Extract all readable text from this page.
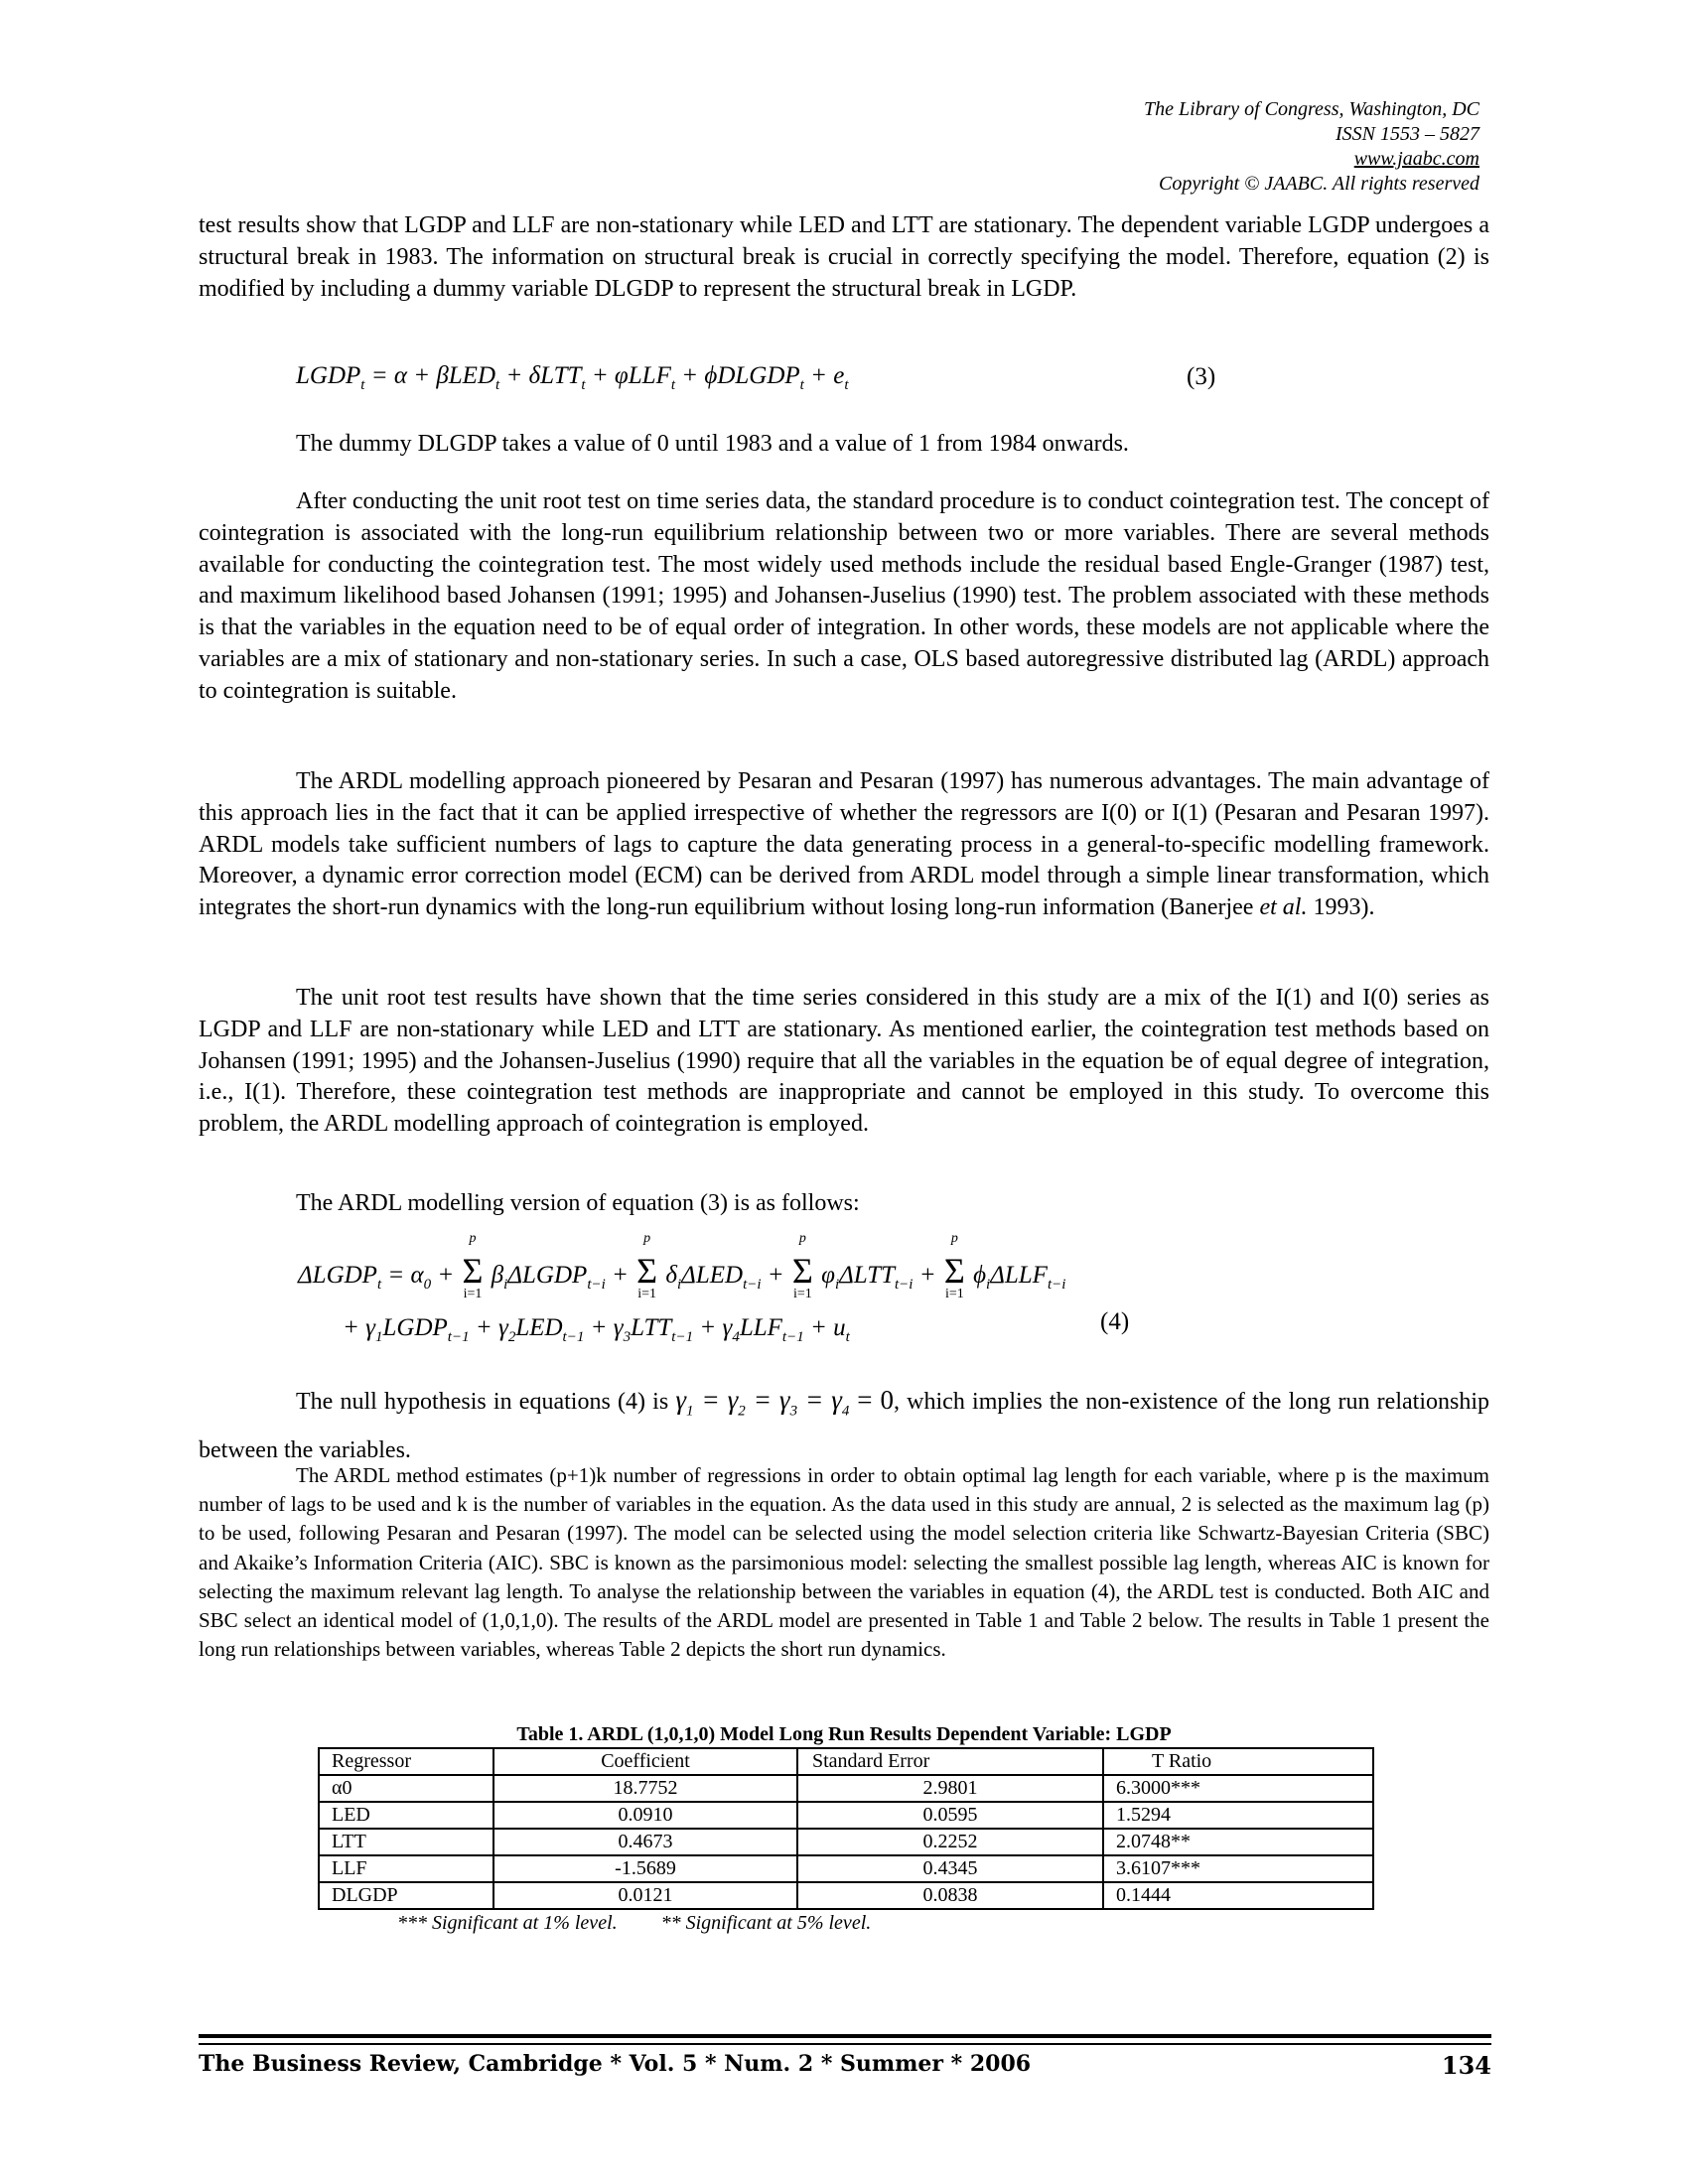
The Library of Congress, Washington, DC
ISSN 1553 – 5827
www.jaabc.com
Copyright © JAABC. All rights reserved
test results show that LGDP and LLF are non-stationary while LED and LTT are stationary. The dependent variable LGDP undergoes a structural break in 1983. The information on structural break is crucial in correctly specifying the model. Therefore, equation (2) is modified by including a dummy variable DLGDP to represent the structural break in LGDP.
$LGDP_t = \alpha + \beta LED_t + \delta LTT_t + \varphi LLF_t$ + ϕDLGDP$_t$ + $e_t$	(3)
The dummy DLGDP takes a value of 0 until 1983 and a value of 1 from 1984 onwards.
After conducting the unit root test on time series data, the standard procedure is to conduct cointegration test. The concept of cointegration is associated with the long-run equilibrium relationship between two or more variables. There are several methods available for conducting the cointegration test. The most widely used methods include the residual based Engle-Granger (1987) test, and maximum likelihood based Johansen (1991; 1995) and Johansen-Juselius (1990) test. The problem associated with these methods is that the variables in the equation need to be of equal order of integration. In other words, these models are not applicable where the variables are a mix of stationary and non-stationary series. In such a case, OLS based autoregressive distributed lag (ARDL) approach to cointegration is suitable.
The ARDL modelling approach pioneered by Pesaran and Pesaran (1997) has numerous advantages. The main advantage of this approach lies in the fact that it can be applied irrespective of whether the regressors are I(0) or I(1) (Pesaran and Pesaran 1997). ARDL models take sufficient numbers of lags to capture the data generating process in a general-to-specific modelling framework. Moreover, a dynamic error correction model (ECM) can be derived from ARDL model through a simple linear transformation, which integrates the short-run dynamics with the long-run equilibrium without losing long-run information (Banerjee et al. 1993).
The unit root test results have shown that the time series considered in this study are a mix of the I(1) and I(0) series as LGDP and LLF are non-stationary while LED and LTT are stationary. As mentioned earlier, the cointegration test methods based on Johansen (1991; 1995) and the Johansen-Juselius (1990) require that all the variables in the equation be of equal degree of integration, i.e., I(1). Therefore, these cointegration test methods are inappropriate and cannot be employed in this study. To overcome this problem, the ARDL modelling approach of cointegration is employed.
The ARDL modelling version of equation (3) is as follows:
$\Delta LGDP_t = \alpha_0$ +
p
Σ
i=1
$\beta_i\Delta LGDP_{t-i}$ +
p
Σ
i=1
$\delta_i\Delta LED_{t-i}$ +
p
Σ
i=1
$\varphi_i\Delta LTT_{t-i}$ +
p
Σ
i=1
$\phi_i\Delta LLF_{t-i}$
+ $\gamma_1LGDP_{t-1} + \gamma_2LED_{t-1} + \gamma_3LTT_{t-1} + \gamma_4LLF_{t-1} + u_t$
(4)
The null hypothesis in equations (4) is $\gamma_1 = \gamma_2 = \gamma_3 = \gamma_4 = 0$, which implies the non-existence of the long run relationship between the variables.
The ARDL method estimates (p+1)k number of regressions in order to obtain optimal lag length for each variable, where p is the maximum number of lags to be used and k is the number of variables in the equation. As the data used in this study are annual, 2 is selected as the maximum lag (p) to be used, following Pesaran and Pesaran (1997). The model can be selected using the model selection criteria like Schwartz-Bayesian Criteria (SBC) and Akaike’s Information Criteria (AIC). SBC is known as the parsimonious model: selecting the smallest possible lag length, whereas AIC is known for selecting the maximum relevant lag length. To analyse the relationship between the variables in equation (4), the ARDL test is conducted. Both AIC and SBC select an identical model of (1,0,1,0). The results of the ARDL model are presented in Table 1 and Table 2 below. The results in Table 1 present the long run relationships between variables, whereas Table 2 depicts the short run dynamics.
Table 1. ARDL (1,0,1,0) Model Long Run Results Dependent Variable: LGDP
Regressor	Coefficient	Standard Error	T Ratio
α0	18.7752	2.9801	6.3000***
LED	0.0910	0.0595	1.5294
LTT	0.4673	0.2252	2.0748**
LLF	-1.5689	0.4345	3.6107***
DLGDP	0.0121	0.0838	0.1444
*** Significant at 1% level. ** Significant at 5% level.
The Business Review, Cambridge * Vol. 5 * Num. 2 * Summer * 2006	134
